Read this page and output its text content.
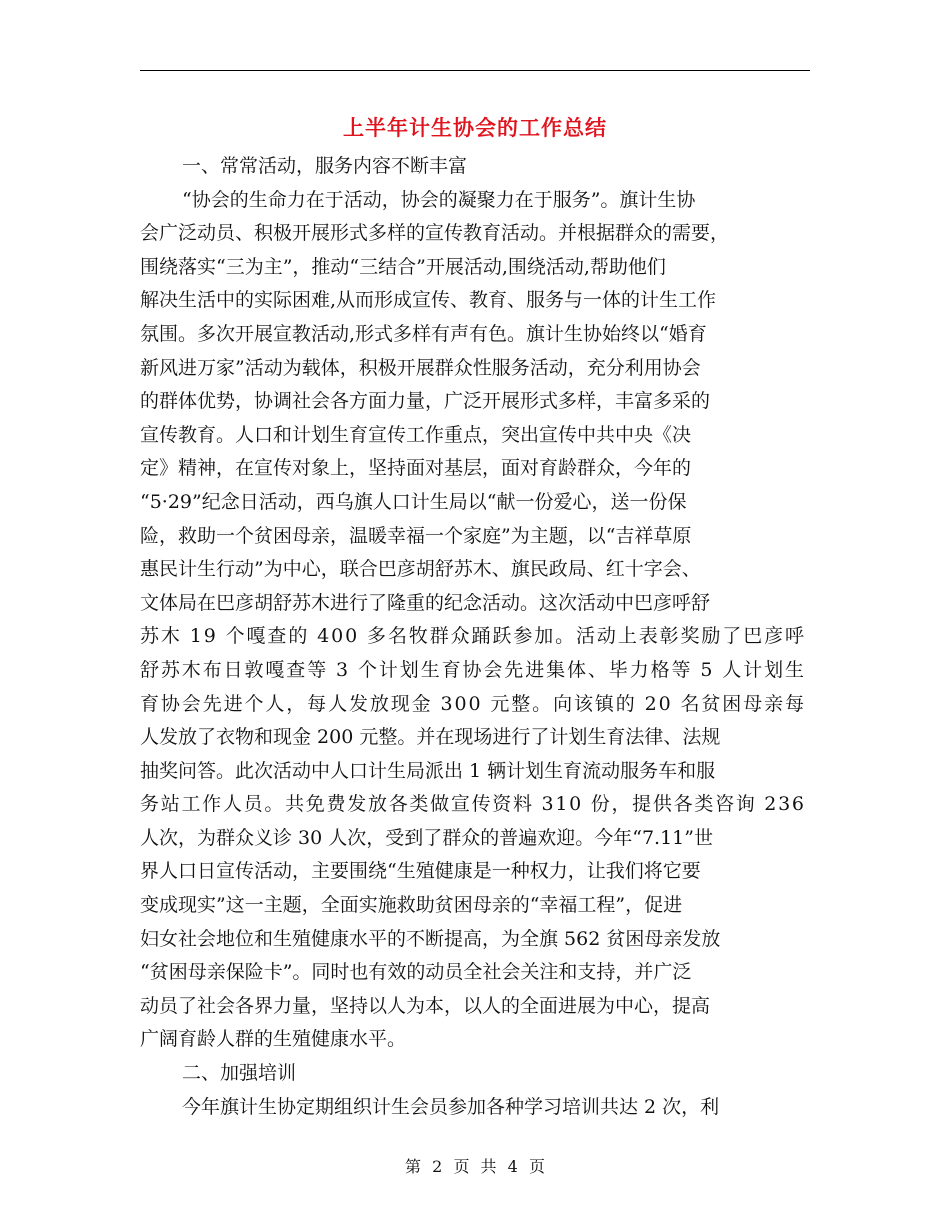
上半年计生协会的工作总结
一、常常活动，服务内容不断丰富
“协会的生命力在于活动，协会的凝聚力在于服务”。旗计生协
会广泛动员、积极开展形式多样的宣传教育活动。并根据群众的需要，
围绕落实“三为主”，推动“三结合”开展活动,围绕活动,帮助他们
解决生活中的实际困难,从而形成宣传、教育、服务与一体的计生工作
氛围。多次开展宣教活动,形式多样有声有色。旗计生协始终以“婚育
新风进万家”活动为载体，积极开展群众性服务活动，充分利用协会
的群体优势，协调社会各方面力量，广泛开展形式多样，丰富多采的
宣传教育。人口和计划生育宣传工作重点，突出宣传中共中央《决
定》精神，在宣传对象上，坚持面对基层，面对育龄群众，今年的
“5·29”纪念日活动，西乌旗人口计生局以“献一份爱心，送一份保
险，救助一个贫困母亲，温暖幸福一个家庭”为主题，以“吉祥草原
惠民计生行动”为中心，联合巴彦胡舒苏木、旗民政局、红十字会、
文体局在巴彦胡舒苏木进行了隆重的纪念活动。这次活动中巴彦呼舒
苏木 19 个嘎查的 400 多名牧群众踊跃参加。活动上表彰奖励了巴彦呼
舒苏木布日敦嘎查等 3 个计划生育协会先进集体、毕力格等 5 人计划生
育协会先进个人，每人发放现金 300 元整。向该镇的 20 名贫困母亲每
人发放了衣物和现金 200 元整。并在现场进行了计划生育法律、法规
抽奖问答。此次活动中人口计生局派出 1 辆计划生育流动服务车和服
务站工作人员。共免费发放各类做宣传资料 310 份，提供各类咨询 236
人次，为群众义诊 30 人次，受到了群众的普遍欢迎。今年“7.11”世
界人口日宣传活动，主要围绕“生殖健康是一种权力，让我们将它要
变成现实”这一主题，全面实施救助贫困母亲的“幸福工程”，促进
妇女社会地位和生殖健康水平的不断提高，为全旗 562 贫困母亲发放
“贫困母亲保险卡”。同时也有效的动员全社会关注和支持，并广泛
动员了社会各界力量，坚持以人为本，以人的全面进展为中心，提高
广阔育龄人群的生殖健康水平。
二、加强培训
今年旗计生协定期组织计生会员参加各种学习培训共达 2 次，利
第 2 页 共 4 页
